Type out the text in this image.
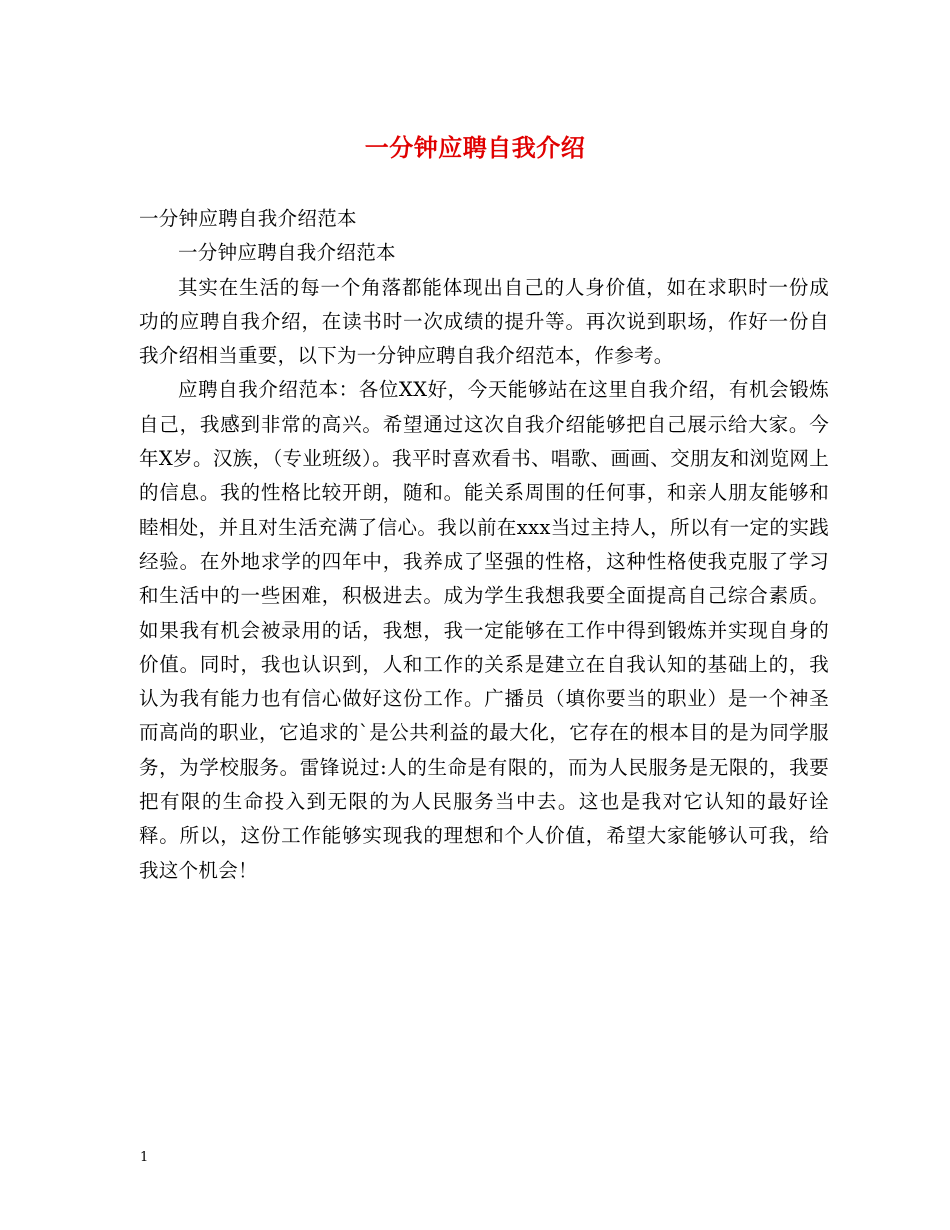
一分钟应聘自我介绍

一分钟应聘自我介绍范本

一分钟应聘自我介绍范本

其实在生活的每一个角落都能体现出自己的人身价值，如在求职时一份成功的应聘自我介绍，在读书时一次成绩的提升等。再次说到职场，作好一份自我介绍相当重要，以下为一分钟应聘自我介绍范本，作参考。

应聘自我介绍范本：各位XX好，今天能够站在这里自我介绍，有机会锻炼自己，我感到非常的高兴。希望通过这次自我介绍能够把自己展示给大家。今年X岁。汉族，（专业班级）。我平时喜欢看书、唱歌、画画、交朋友和浏览网上的信息。我的性格比较开朗，随和。能关系周围的任何事，和亲人朋友能够和睦相处，并且对生活充满了信心。我以前在xxx当过主持人，所以有一定的实践经验。在外地求学的四年中，我养成了坚强的性格，这种性格使我克服了学习和生活中的一些困难，积极进去。成为学生我想我要全面提高自己综合素质。如果我有机会被录用的话，我想，我一定能够在工作中得到锻炼并实现自身的价值。同时，我也认识到，人和工作的关系是建立在自我认知的基础上的，我认为我有能力也有信心做好这份工作。广播员（填你要当的职业）是一个神圣而高尚的职业，它追求的`是公共利益的最大化，它存在的根本目的是为同学服务，为学校服务。雷锋说过:人的生命是有限的，而为人民服务是无限的，我要把有限的生命投入到无限的为人民服务当中去。这也是我对它认知的最好诠释。所以，这份工作能够实现我的理想和个人价值，希望大家能够认可我，给我这个机会！

1
